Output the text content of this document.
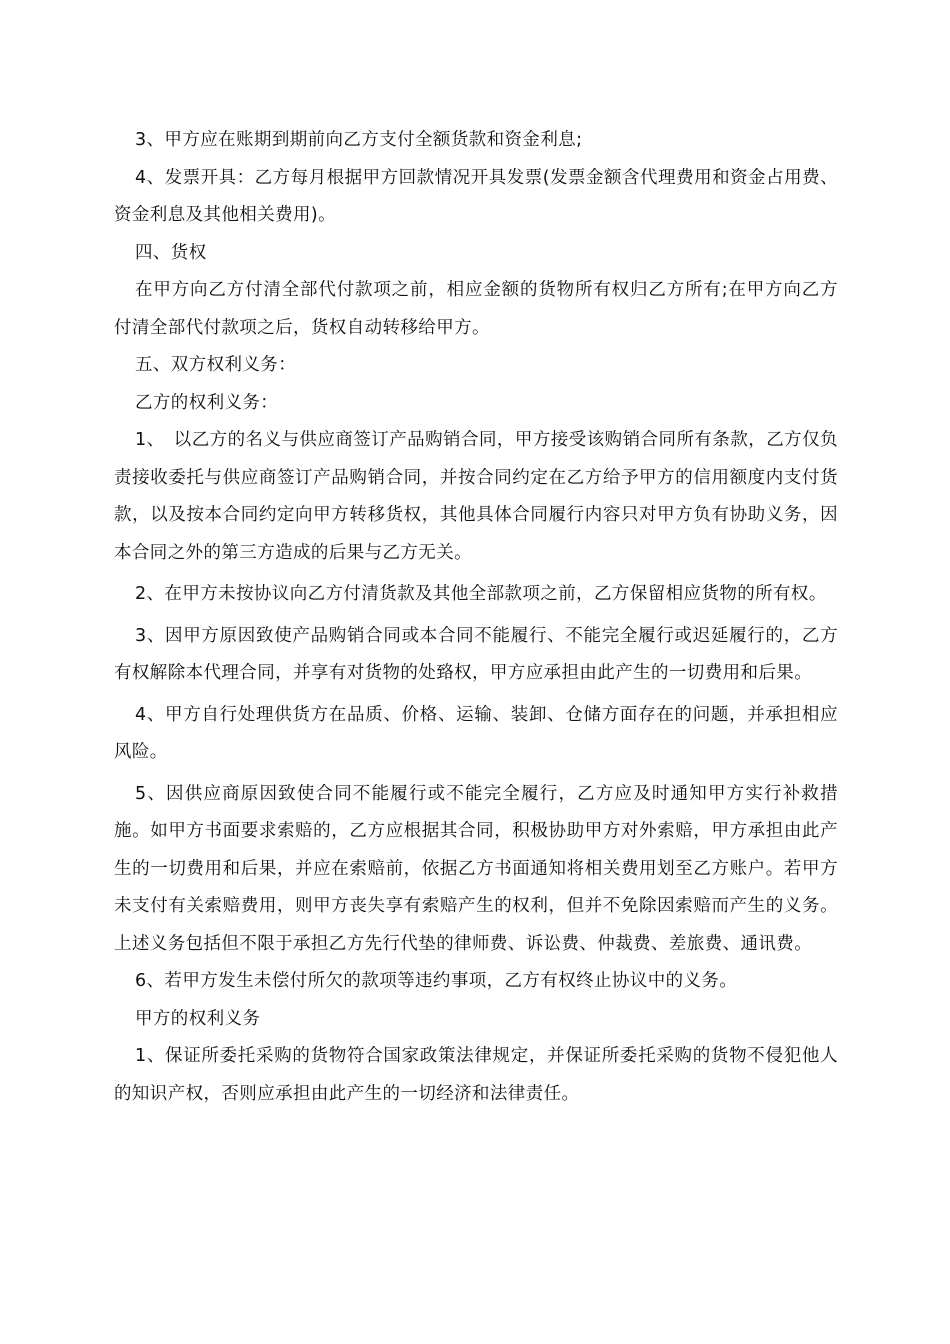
3、甲方应在账期到期前向乙方支付全额货款和资金利息;

4、发票开具：乙方每月根据甲方回款情况开具发票(发票金额含代理费用和资金占用费、资金利息及其他相关费用)。

四、货权

在甲方向乙方付清全部代付款项之前，相应金额的货物所有权归乙方所有;在甲方向乙方付清全部代付款项之后，货权自动转移给甲方。

五、双方权利义务：

乙方的权利义务：

1、　以乙方的名义与供应商签订产品购销合同，甲方接受该购销合同所有条款，乙方仅负责接收委托与供应商签订产品购销合同，并按合同约定在乙方给予甲方的信用额度内支付货款，以及按本合同约定向甲方转移货权，其他具体合同履行内容只对甲方负有协助义务，因本合同之外的第三方造成的后果与乙方无关。

2、在甲方未按协议向乙方付清货款及其他全部款项之前，乙方保留相应货物的所有权。

3、因甲方原因致使产品购销合同或本合同不能履行、不能完全履行或迟延履行的，乙方有权解除本代理合同，并享有对货物的处臵权，甲方应承担由此产生的一切费用和后果。

4、甲方自行处理供货方在品质、价格、运输、装卸、仓储方面存在的问题，并承担相应风险。

5、因供应商原因致使合同不能履行或不能完全履行，乙方应及时通知甲方实行补救措施。如甲方书面要求索赔的，乙方应根据其合同，积极协助甲方对外索赔，甲方承担由此产生的一切费用和后果，并应在索赔前，依据乙方书面通知将相关费用划至乙方账户。若甲方未支付有关索赔费用，则甲方丧失享有索赔产生的权利，但并不免除因索赔而产生的义务。上述义务包括但不限于承担乙方先行代垫的律师费、诉讼费、仲裁费、差旅费、通讯费。

6、若甲方发生未偿付所欠的款项等违约事项，乙方有权终止协议中的义务。

甲方的权利义务

1、保证所委托采购的货物符合国家政策法律规定，并保证所委托采购的货物不侵犯他人的知识产权，否则应承担由此产生的一切经济和法律责任。
